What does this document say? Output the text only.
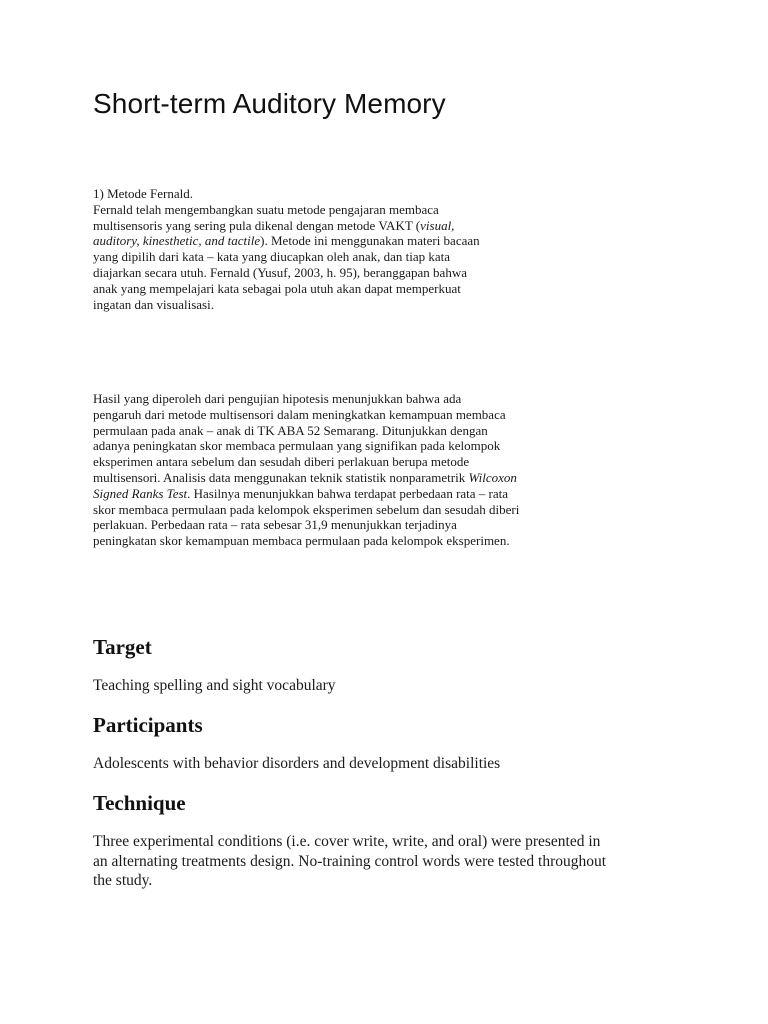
Short-term Auditory Memory
1) Metode Fernald.
Fernald telah mengembangkan suatu metode pengajaran membaca
multisensoris yang sering pula dikenal dengan metode VAKT (visual,
auditory, kinesthetic, and tactile). Metode ini menggunakan materi bacaan
yang dipilih dari kata – kata yang diucapkan oleh anak, dan tiap kata
diajarkan secara utuh. Fernald (Yusuf, 2003, h. 95), beranggapan bahwa
anak yang mempelajari kata sebagai pola utuh akan dapat memperkuat
ingatan dan visualisasi.
Hasil yang diperoleh dari pengujian hipotesis menunjukkan bahwa ada
pengaruh dari metode multisensori dalam meningkatkan kemampuan membaca
permulaan pada anak – anak di TK ABA 52 Semarang. Ditunjukkan dengan
adanya peningkatan skor membaca permulaan yang signifikan pada kelompok
eksperimen antara sebelum dan sesudah diberi perlakuan berupa metode
multisensori. Analisis data menggunakan teknik statistik nonparametrik Wilcoxon
Signed Ranks Test. Hasilnya menunjukkan bahwa terdapat perbedaan rata – rata
skor membaca permulaan pada kelompok eksperimen sebelum dan sesudah diberi
perlakuan. Perbedaan rata – rata sebesar 31,9 menunjukkan terjadinya
peningkatan skor kemampuan membaca permulaan pada kelompok eksperimen.
Target

Teaching spelling and sight vocabulary

Participants

Adolescents with behavior disorders and development disabilities

Technique

Three experimental conditions (i.e. cover write, write, and oral) were presented in
an alternating treatments design. No-training control words were tested throughout
the study.
